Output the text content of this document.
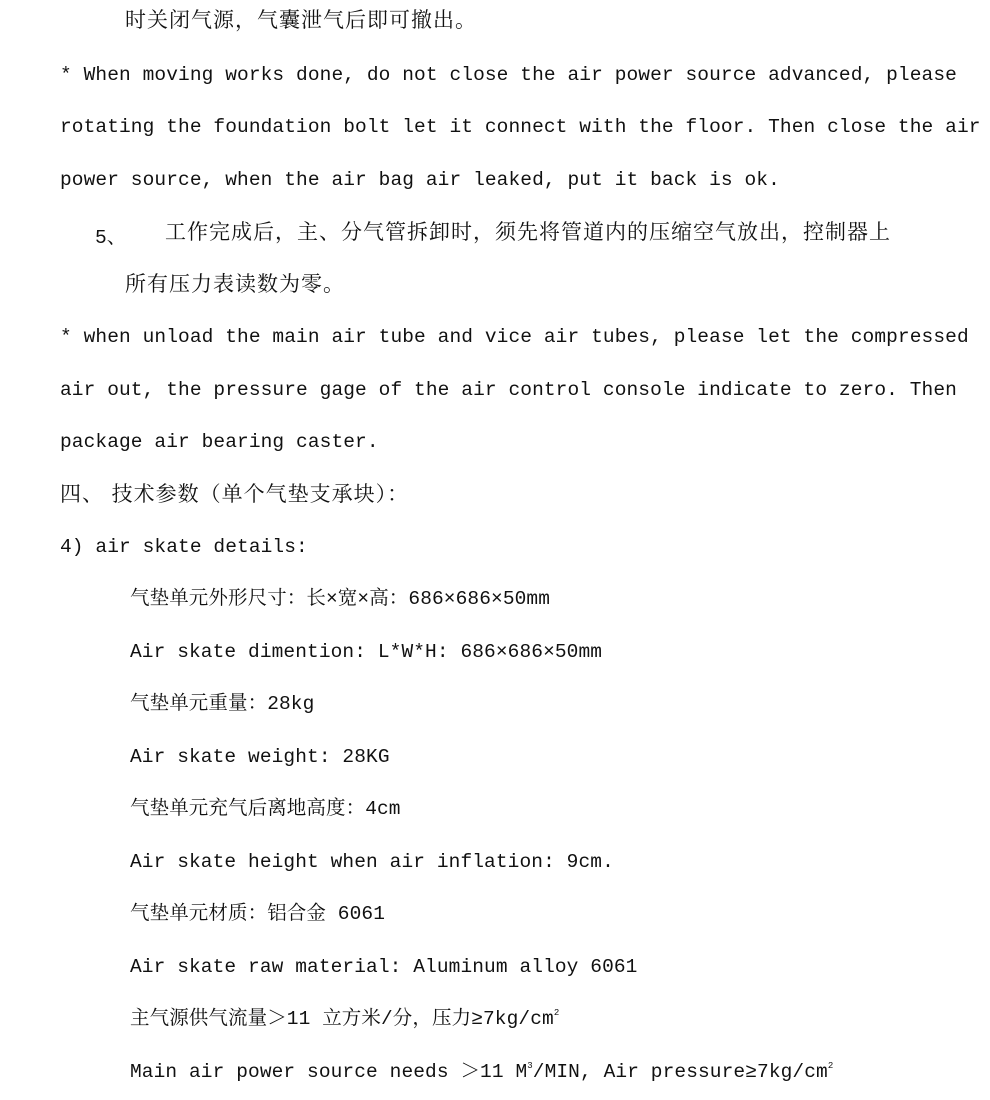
时关闭气源，气囊泄气后即可撤出。
* When moving works done, do not close the air power source advanced, please
rotating the foundation bolt let it connect with the floor. Then close the air
power source, when the air bag air leaked, put it back is ok.
5、 工作完成后，主、分气管拆卸时，须先将管道内的压缩空气放出，控制器上
所有压力表读数为零。
* when unload the main air tube and vice air tubes, please let the compressed
air out, the pressure gage of the air control console indicate to zero. Then
package air bearing caster.
四、 技术参数（单个气垫支承块）：
4) air skate details:
气垫单元外形尺寸：长×宽×高：686×686×50mm
Air skate dimention: L*W*H: 686×686×50mm
气垫单元重量：28kg
Air skate weight: 28KG
气垫单元充气后离地高度：4cm
Air skate height when air inflation: 9cm.
气垫单元材质：铝合金 6061
Air skate raw material: Aluminum alloy 6061
主气源供气流量＞11 立方米/分，压力$\ge 7kg/cm^2$
Main air power source needs ＞11 $M^3$/MIN, Air $pressure\ge 7kg/cm^2$
